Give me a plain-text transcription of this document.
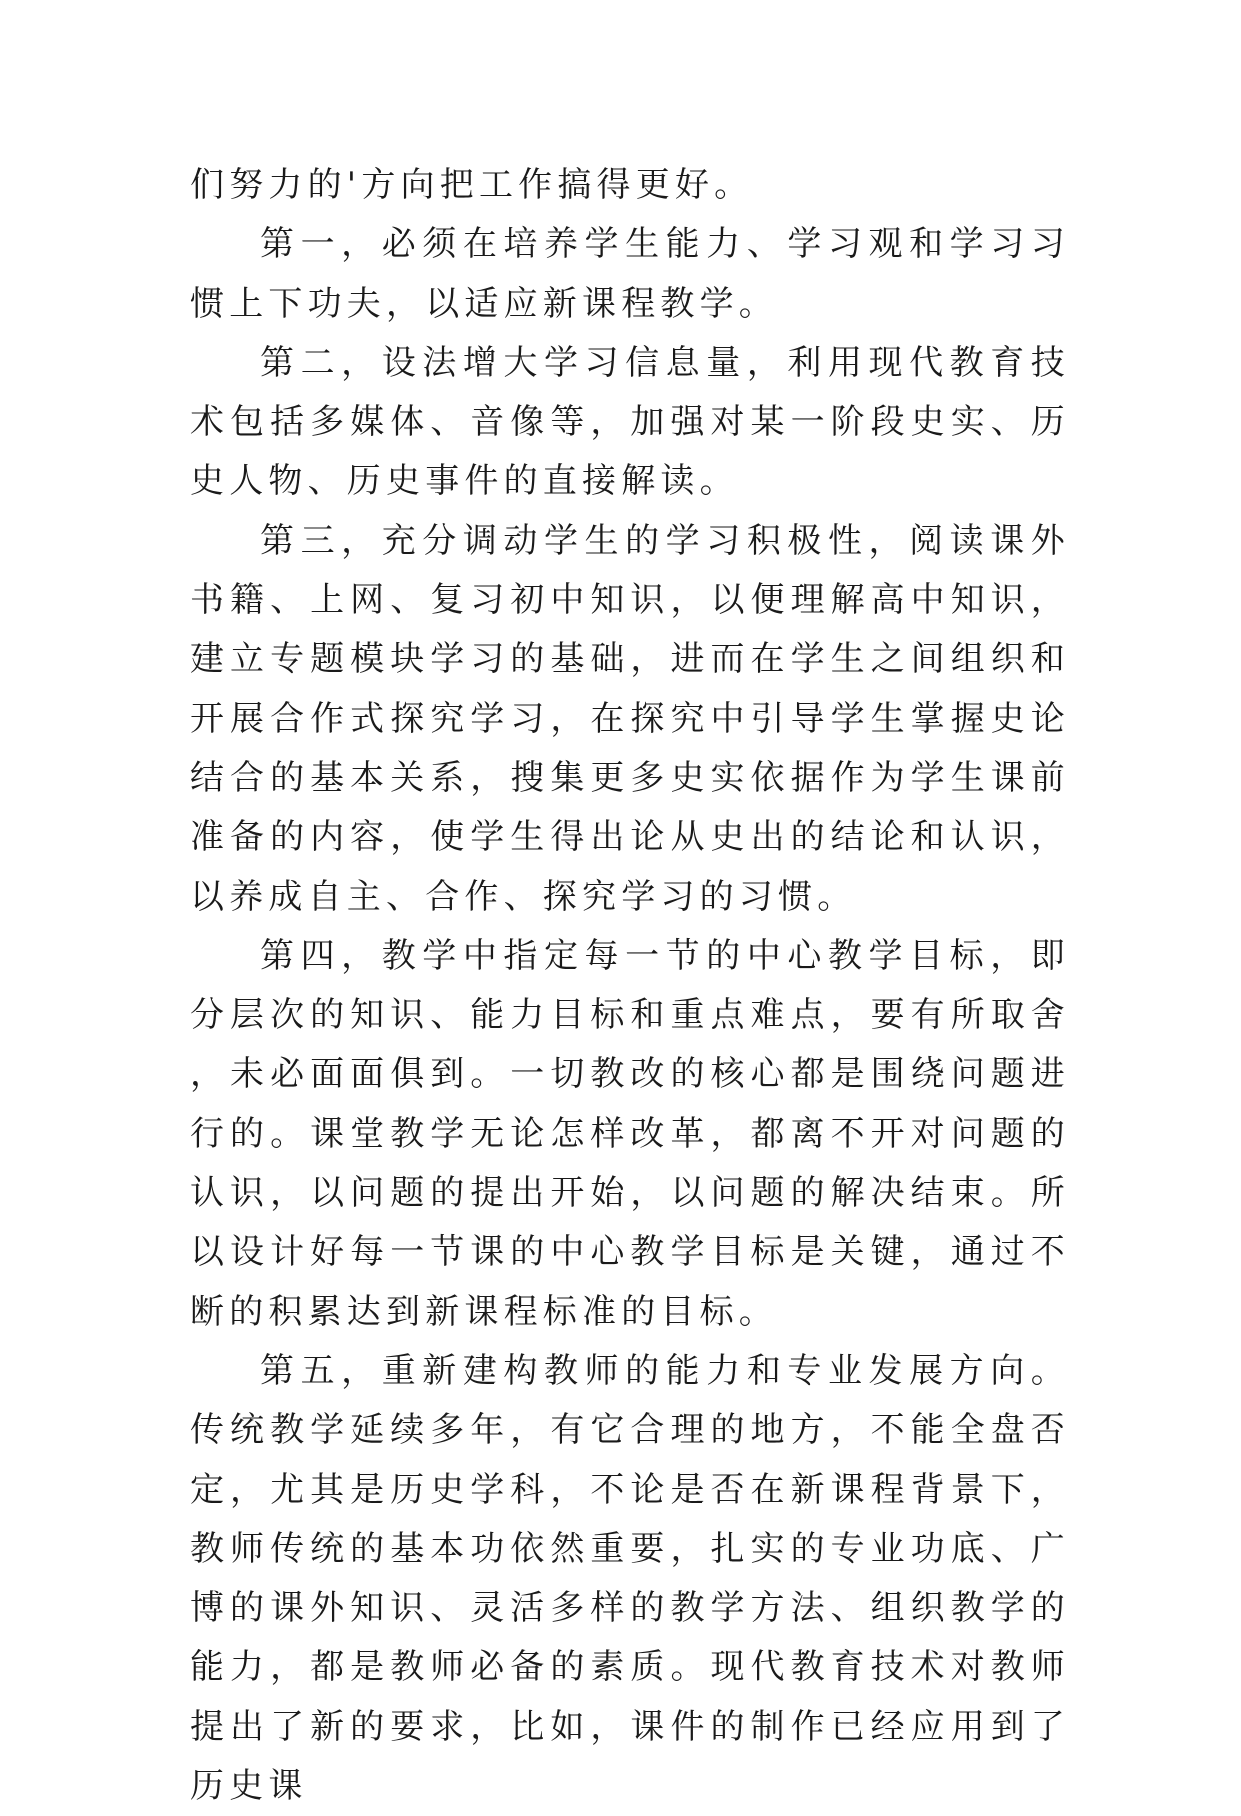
们努力的'方向把工作搞得更好。

第一，必须在培养学生能力、学习观和学习习惯上下功夫，以适应新课程教学。

第二，设法增大学习信息量，利用现代教育技术包括多媒体、音像等，加强对某一阶段史实、历史人物、历史事件的直接解读。

第三，充分调动学生的学习积极性，阅读课外书籍、上网、复习初中知识，以便理解高中知识，建立专题模块学习的基础，进而在学生之间组织和开展合作式探究学习，在探究中引导学生掌握史论结合的基本关系，搜集更多史实依据作为学生课前准备的内容，使学生得出论从史出的结论和认识，以养成自主、合作、探究学习的习惯。

第四，教学中指定每一节的中心教学目标，即分层次的知识、能力目标和重点难点，要有所取舍，未必面面俱到。一切教改的核心都是围绕问题进行的。课堂教学无论怎样改革，都离不开对问题的认识，以问题的提出开始，以问题的解决结束。所以设计好每一节课的中心教学目标是关键，通过不断的积累达到新课程标准的目标。

第五，重新建构教师的能力和专业发展方向。传统教学延续多年，有它合理的地方，不能全盘否定，尤其是历史学科，不论是否在新课程背景下，教师传统的基本功依然重要，扎实的专业功底、广博的课外知识、灵活多样的教学方法、组织教学的能力，都是教师必备的素质。现代教育技术对教师提出了新的要求，比如，课件的制作已经应用到了历史课
